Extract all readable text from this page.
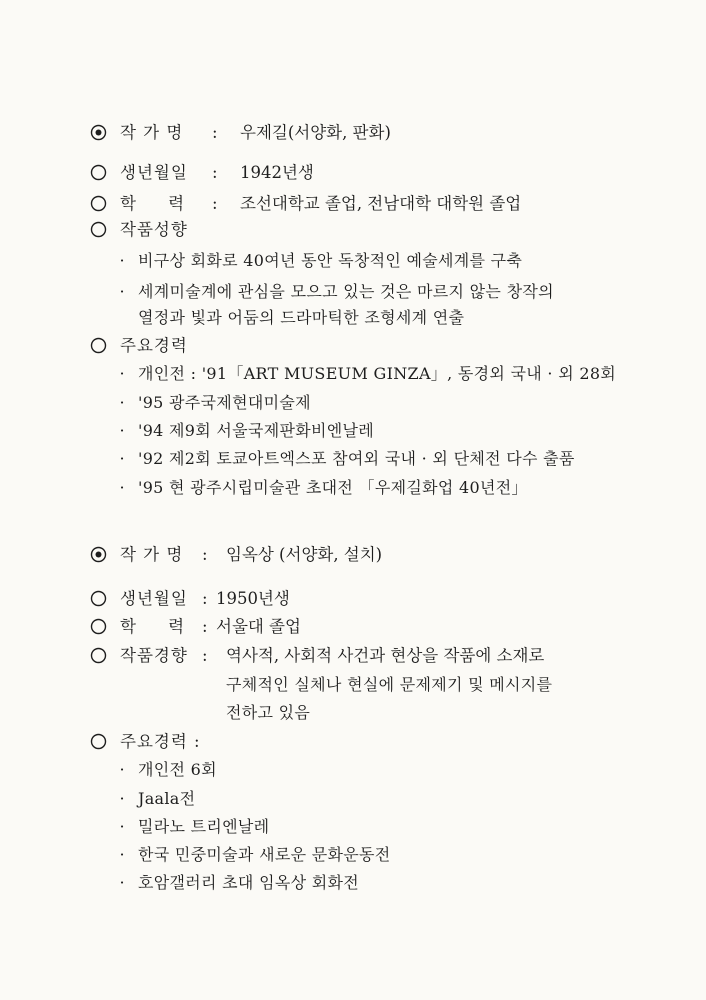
작 가 명 : 우제길(서양화, 판화)
생년월일 : 1942년생
학     력 : 조선대학교 졸업, 전남대학 대학원 졸업
작품성향
· 비구상 회화로 40여년 동안 독창적인 예술세계를 구축
· 세계미술계에 관심을 모으고 있는 것은 마르지 않는 창작의
열정과 빛과 어둠의 드라마틱한 조형세계 연출
주요경력
· 개인전 : '91「ART MUSEUM GINZA」, 동경외 국내 · 외 28회
· '95 광주국제현대미술제
· '94 제9회 서울국제판화비엔날레
· '92 제2회 토쿄아트엑스포 참여외 국내 · 외 단체전 다수 출품
· '95 현 광주시립미술관 초대전 「우제길화업 40년전」
작 가 명 : 임옥상 (서양화, 설치)
생년월일 : 1950년생
학     력 : 서울대 졸업
작품경향 : 역사적, 사회적 사건과 현상을 작품에 소재로
구체적인 실체나 현실에 문제제기 및 메시지를
전하고 있음
주요경력 :
· 개인전 6회
· Jaala전
· 밀라노 트리엔날레
· 한국 민중미술과 새로운 문화운동전
· 호암갤러리 초대 임옥상 회화전
